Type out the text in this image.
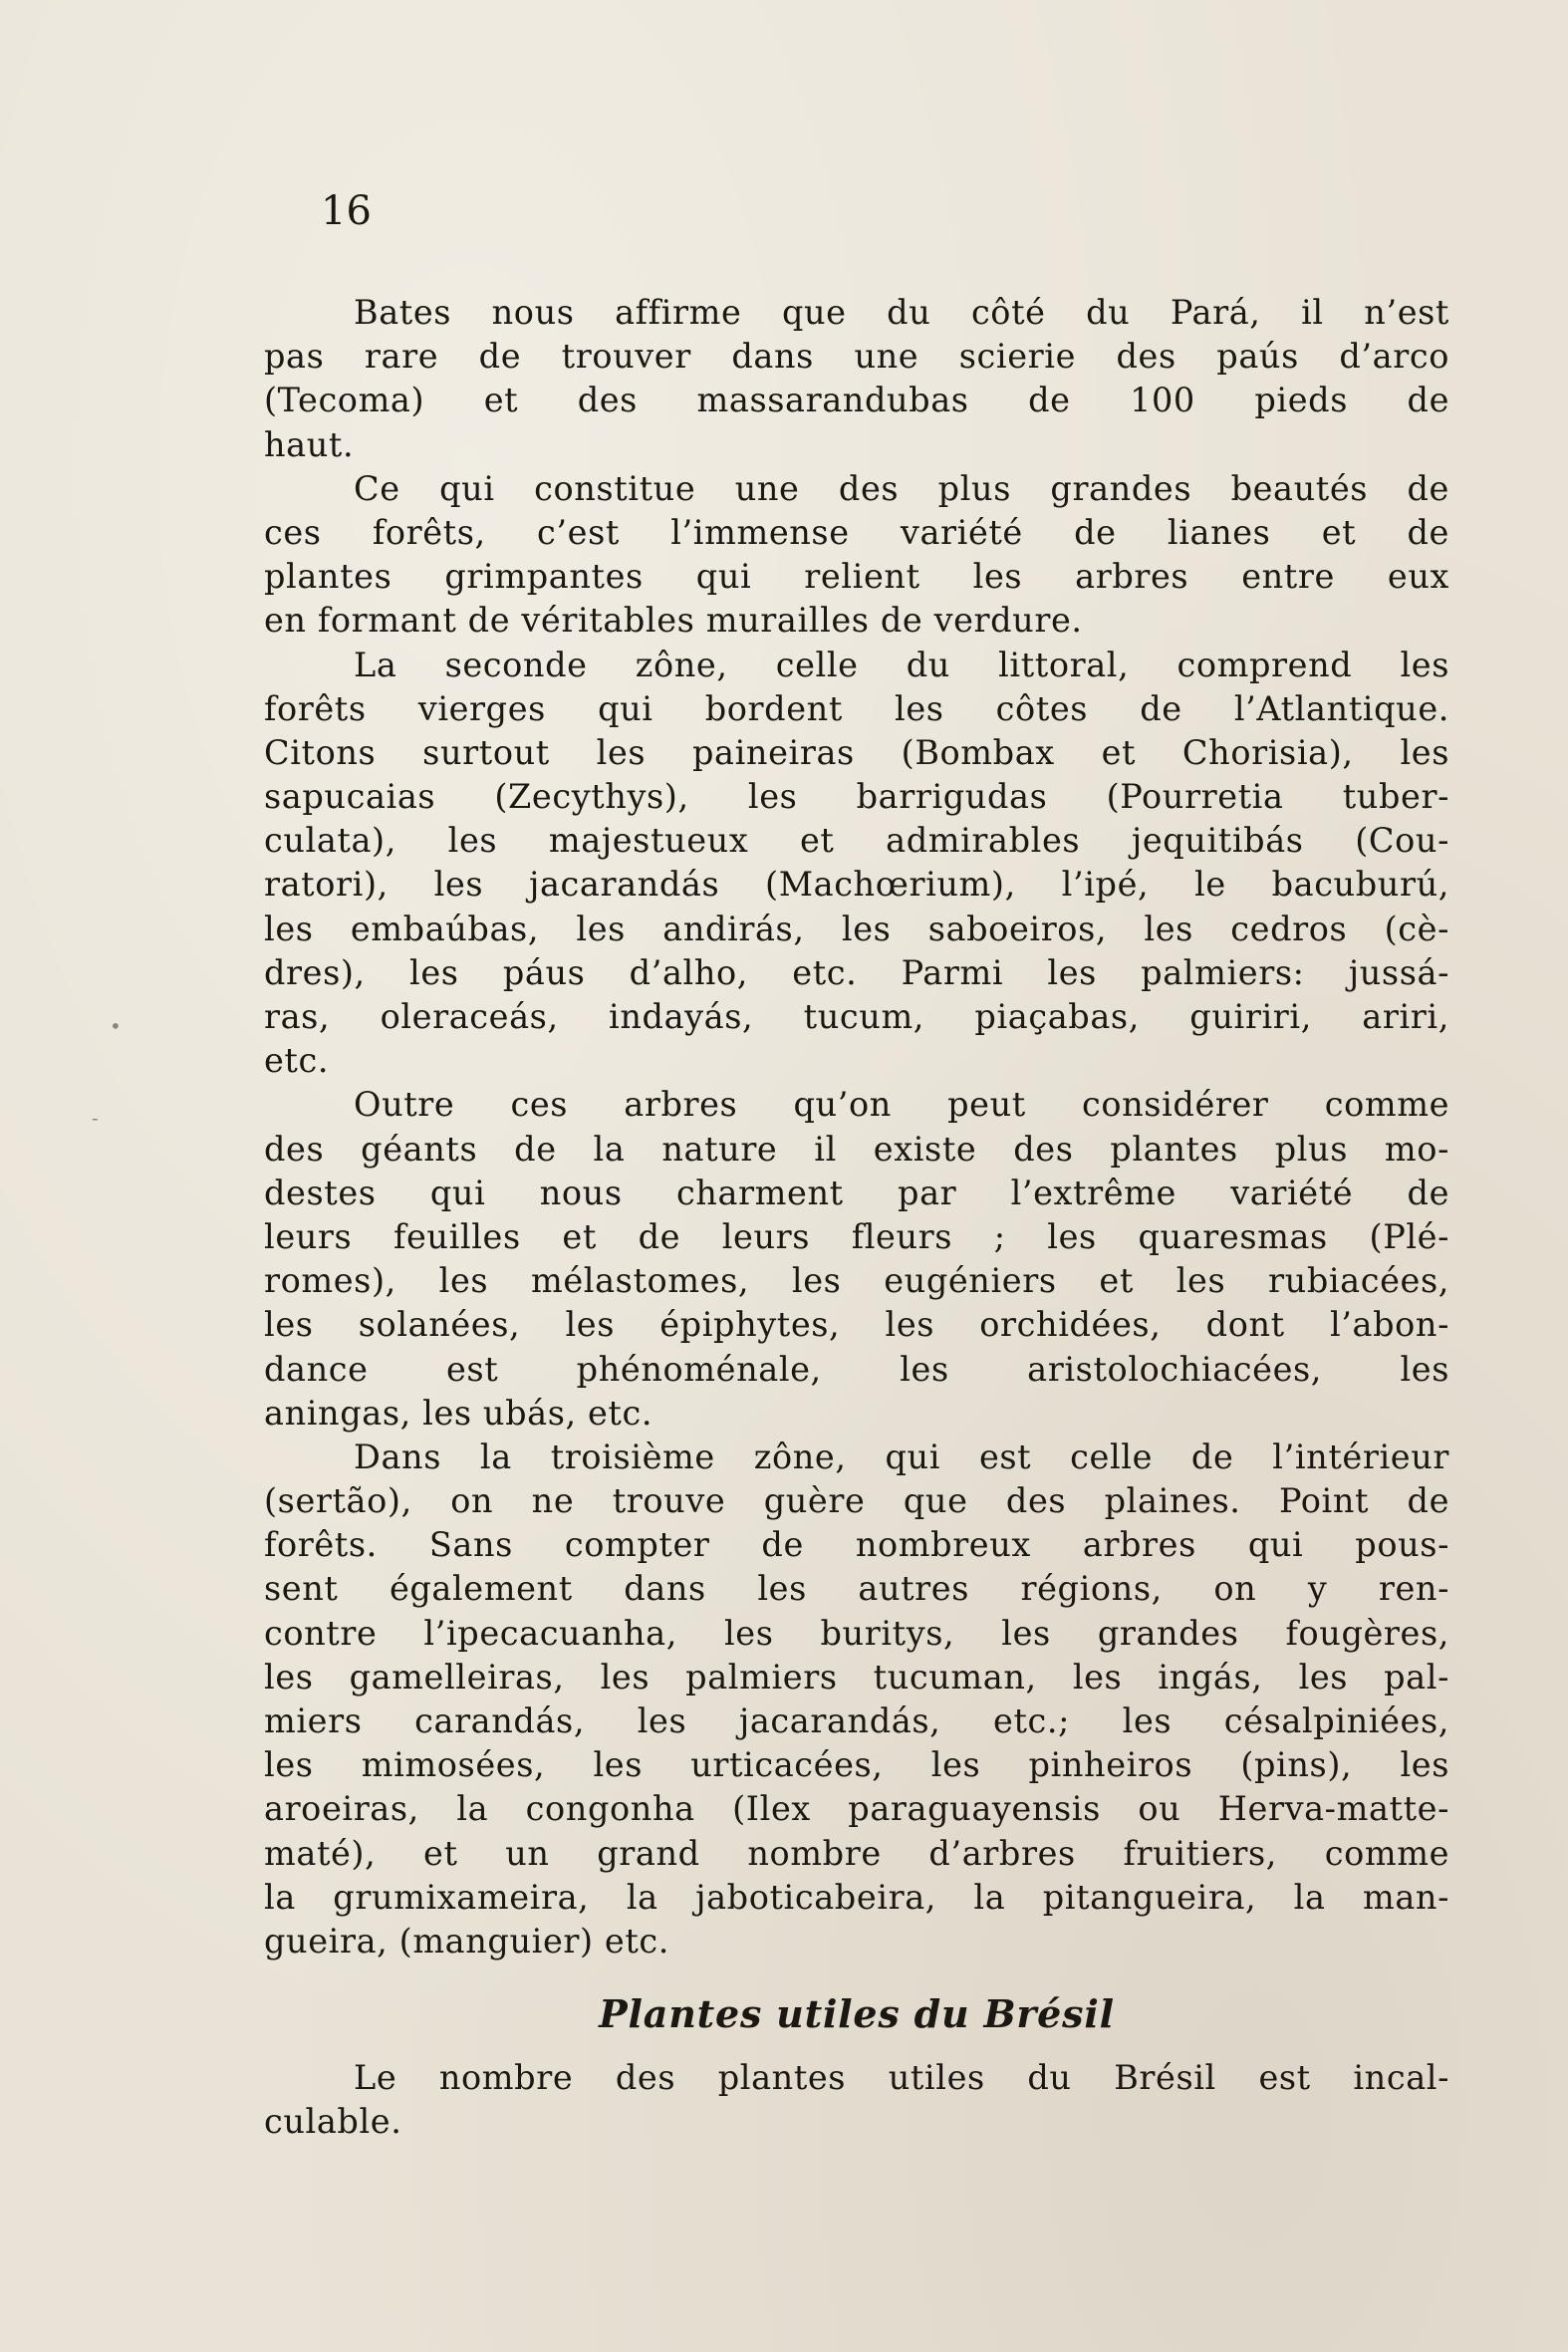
16
Bates nous affirme que du côté du Pará, il n’est
pas rare de trouver dans une scierie des paús d’arco
(Tecoma) et des massarandubas de 100 pieds de
haut.
Ce qui constitue une des plus grandes beautés de
ces forêts, c’est l’immense variété de lianes et de
plantes grimpantes qui relient les arbres entre eux
en formant de véritables murailles de verdure.
La seconde zône, celle du littoral, comprend les
forêts vierges qui bordent les côtes de l’Atlantique.
Citons surtout les paineiras (Bombax et Chorisia), les
sapucaias (Zecythys), les barrigudas (Pourretia tuber-
culata), les majestueux et admirables jequitibás (Cou-
ratori), les jacarandás (Machœrium), l’ipé, le bacuburú,
les embaúbas, les andirás, les saboeiros, les cedros (cè-
dres), les páus d’alho, etc. Parmi les palmiers: jussá-
ras, oleraceás, indayás, tucum, piaçabas, guiriri, ariri,
etc.
Outre ces arbres qu’on peut considérer comme
des géants de la nature il existe des plantes plus mo-
destes qui nous charment par l’extrême variété de
leurs feuilles et de leurs fleurs ; les quaresmas (Plé-
romes), les mélastomes, les eugéniers et les rubiacées,
les solanées, les épiphytes, les orchidées, dont l’abon-
dance est phénoménale, les aristolochiacées, les
aningas, les ubás, etc.
Dans la troisième zône, qui est celle de l’intérieur
(sertão), on ne trouve guère que des plaines. Point de
forêts. Sans compter de nombreux arbres qui pous-
sent également dans les autres régions, on y ren-
contre l’ipecacuanha, les buritys, les grandes fougères,
les gamelleiras, les palmiers tucuman, les ingás, les pal-
miers carandás, les jacarandás, etc.; les césalpiniées,
les mimosées, les urticacées, les pinheiros (pins), les
aroeiras, la congonha (Ilex paraguayensis ou Herva-matte-
maté), et un grand nombre d’arbres fruitiers, comme
la grumixameira, la jaboticabeira, la pitangueira, la man-
gueira, (manguier) etc.
Plantes utiles du Brésil
Le nombre des plantes utiles du Brésil est incal-
culable.
•
-
